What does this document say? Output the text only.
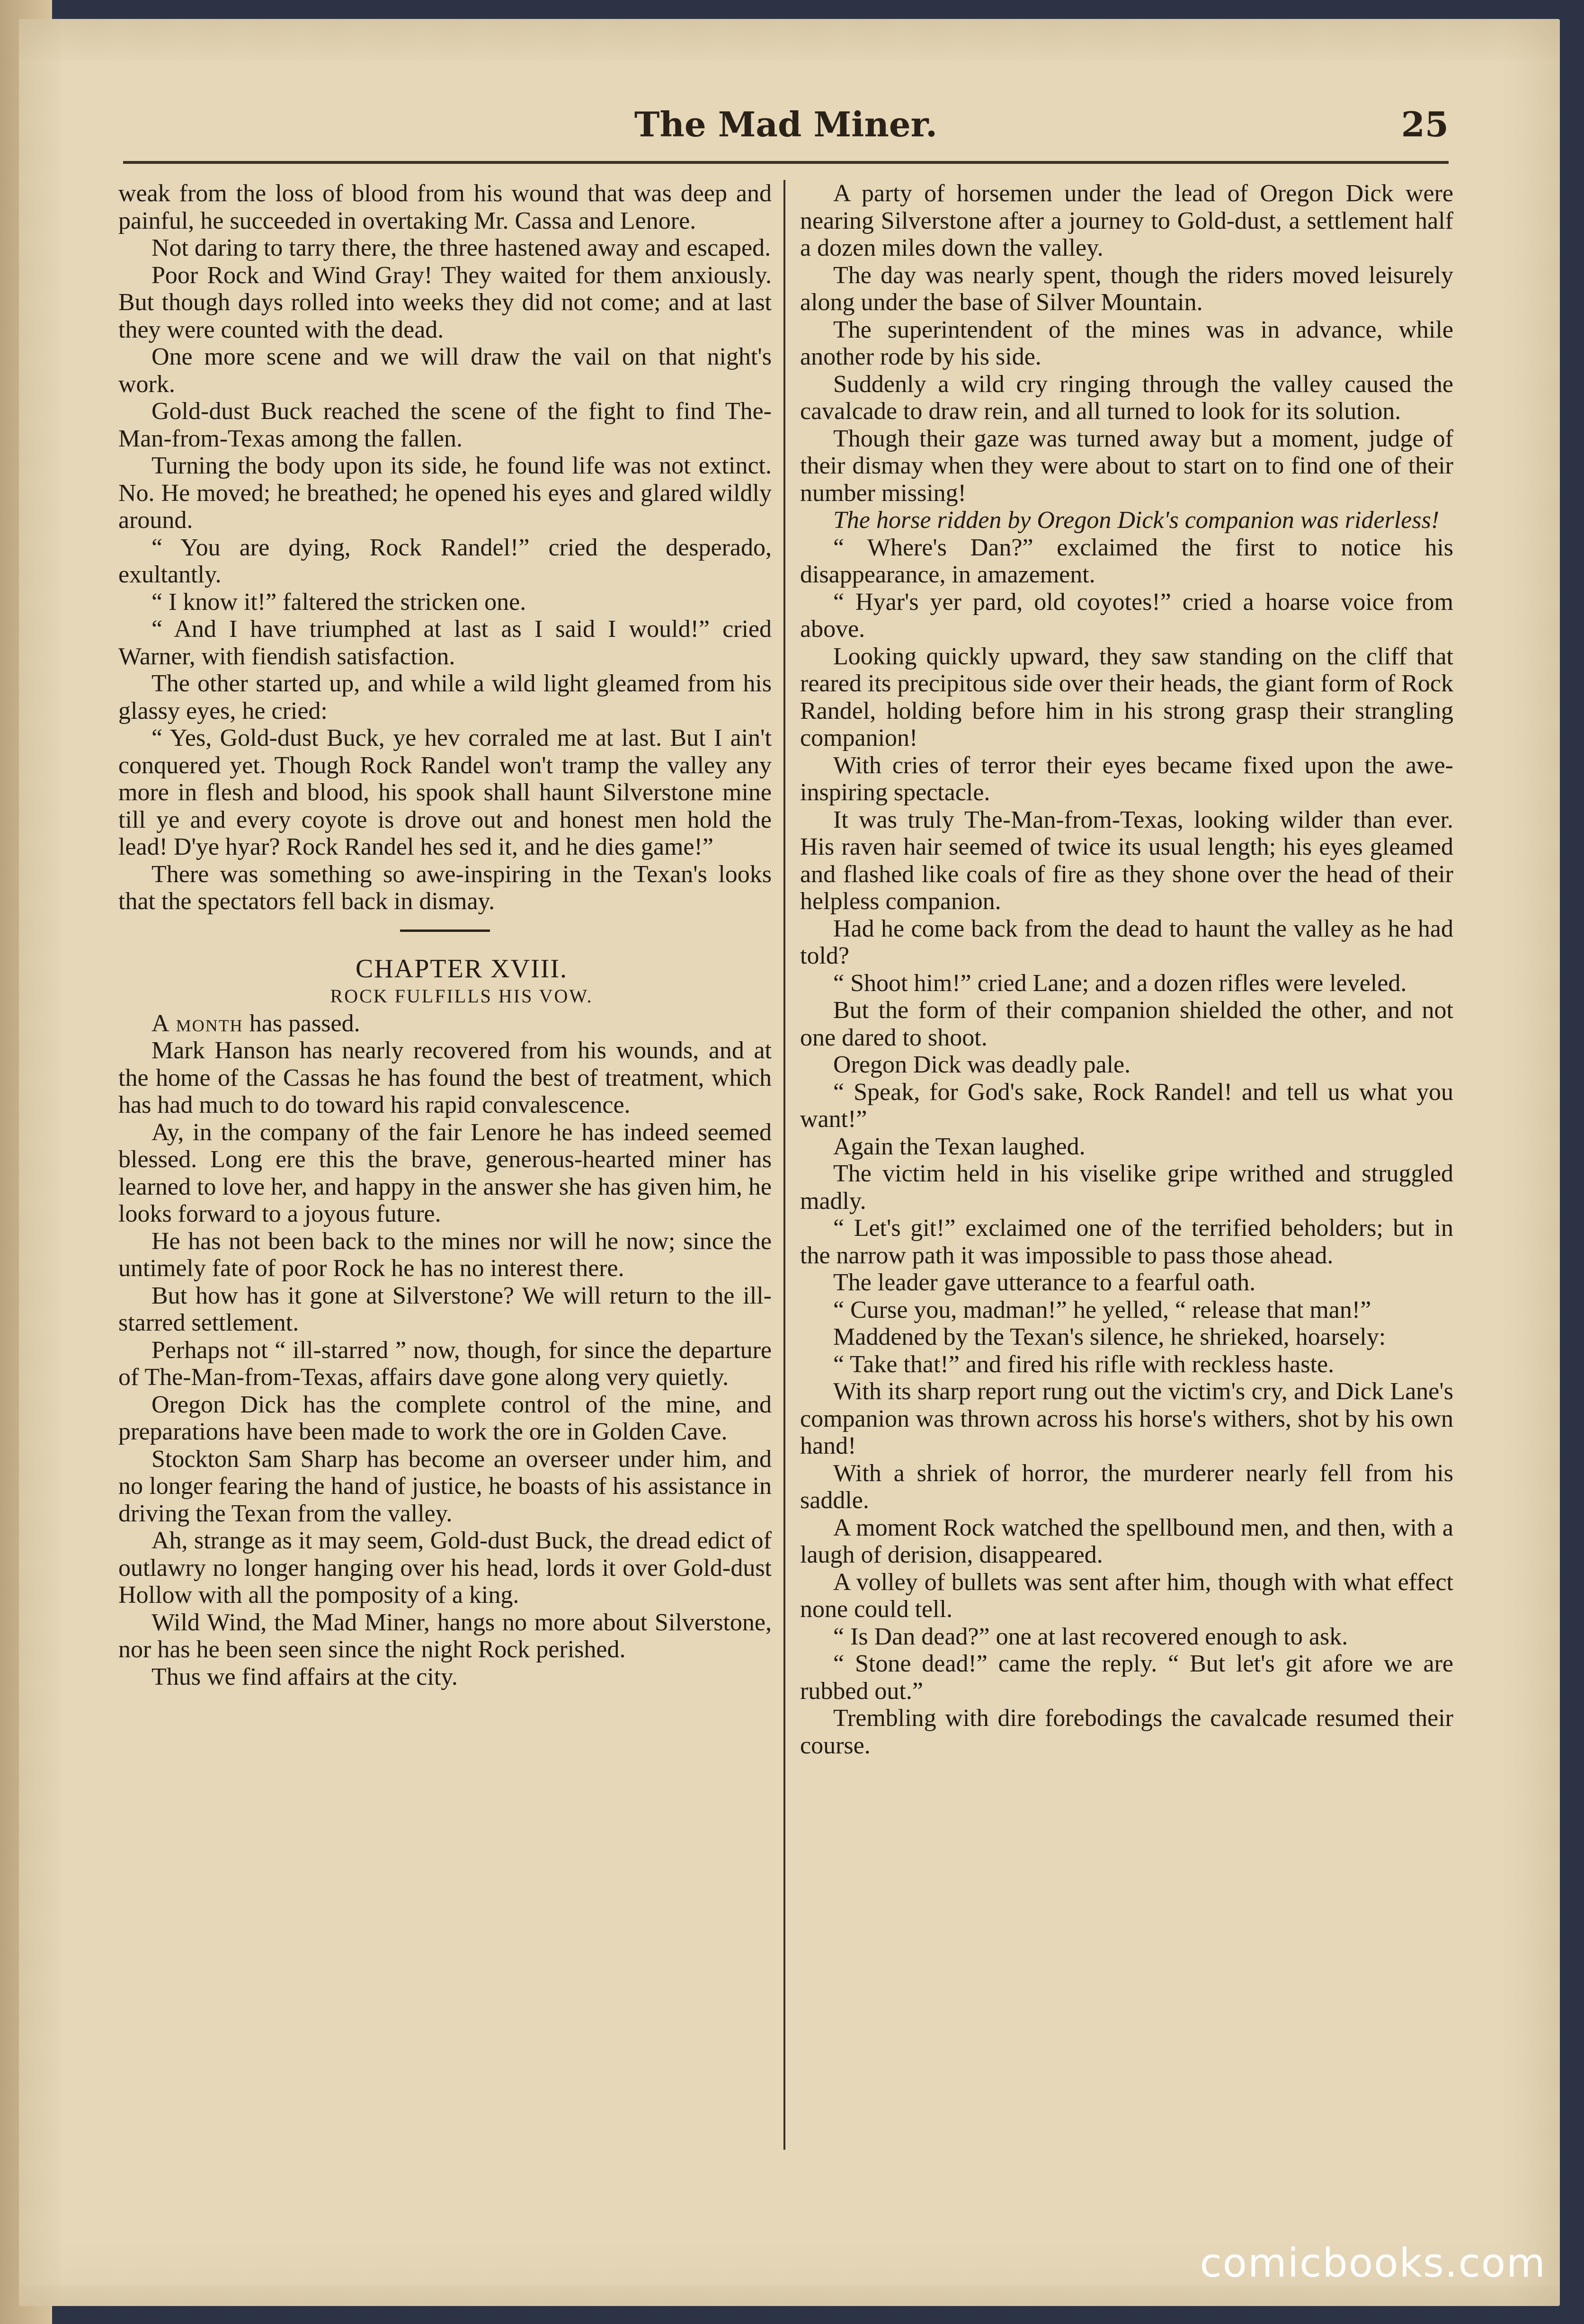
The Mad Miner.	25

weak from the loss of blood from his wound that was deep and painful, he succeeded in overtaking Mr. Cassa and Lenore.

Not daring to tarry there, the three hastened away and escaped.

Poor Rock and Wind Gray! They waited for them anxiously. But though days rolled into weeks they did not come; and at last they were counted with the dead.

One more scene and we will draw the vail on that night's work.

Gold-dust Buck reached the scene of the fight to find The-Man-from-Texas among the fallen.

Turning the body upon its side, he found life was not extinct. No. He moved; he breathed; he opened his eyes and glared wildly around.

“ You are dying, Rock Randel!” cried the desperado, exultantly.

“ I know it!” faltered the stricken one.

“ And I have triumphed at last as I said I would!” cried Warner, with fiendish satisfaction.

The other started up, and while a wild light gleamed from his glassy eyes, he cried:

“ Yes, Gold-dust Buck, ye hev corraled me at last. But I ain't conquered yet. Though Rock Randel won't tramp the valley any more in flesh and blood, his spook shall haunt Silverstone mine till ye and every coyote is drove out and honest men hold the lead! D'ye hyar? Rock Randel hes sed it, and he dies game!”

There was something so awe-inspiring in the Texan's looks that the spectators fell back in dismay.

CHAPTER XVIII.

ROCK FULFILLS HIS VOW.

A month has passed.

Mark Hanson has nearly recovered from his wounds, and at the home of the Cassas he has found the best of treatment, which has had much to do toward his rapid convalescence.

Ay, in the company of the fair Lenore he has indeed seemed blessed. Long ere this the brave, generous-hearted miner has learned to love her, and happy in the answer she has given him, he looks forward to a joyous future.

He has not been back to the mines nor will he now; since the untimely fate of poor Rock he has no interest there.

But how has it gone at Silverstone? We will return to the ill-starred settlement.

Perhaps not “ ill-starred ” now, though, for since the departure of The-Man-from-Texas, affairs dave gone along very quietly.

Oregon Dick has the complete control of the mine, and preparations have been made to work the ore in Golden Cave.

Stockton Sam Sharp has become an overseer under him, and no longer fearing the hand of justice, he boasts of his assistance in driving the Texan from the valley.

Ah, strange as it may seem, Gold-dust Buck, the dread edict of outlawry no longer hanging over his head, lords it over Gold-dust Hollow with all the pomposity of a king.

Wild Wind, the Mad Miner, hangs no more about Silverstone, nor has he been seen since the night Rock perished.

Thus we find affairs at the city.

A party of horsemen under the lead of Oregon Dick were nearing Silverstone after a journey to Gold-dust, a settlement half a dozen miles down the valley.

The day was nearly spent, though the riders moved leisurely along under the base of Silver Mountain.

The superintendent of the mines was in advance, while another rode by his side.

Suddenly a wild cry ringing through the valley caused the cavalcade to draw rein, and all turned to look for its solution.

Though their gaze was turned away but a moment, judge of their dismay when they were about to start on to find one of their number missing!

The horse ridden by Oregon Dick's companion was riderless!

“ Where's Dan?” exclaimed the first to notice his disappearance, in amazement.

“ Hyar's yer pard, old coyotes!” cried a hoarse voice from above.

Looking quickly upward, they saw standing on the cliff that reared its precipitous side over their heads, the giant form of Rock Randel, holding before him in his strong grasp their strangling companion!

With cries of terror their eyes became fixed upon the awe-inspiring spectacle.

It was truly The-Man-from-Texas, looking wilder than ever. His raven hair seemed of twice its usual length; his eyes gleamed and flashed like coals of fire as they shone over the head of their helpless companion.

Had he come back from the dead to haunt the valley as he had told?

“ Shoot him!” cried Lane; and a dozen rifles were leveled.

But the form of their companion shielded the other, and not one dared to shoot.

Oregon Dick was deadly pale.

“ Speak, for God's sake, Rock Randel! and tell us what you want!”

Again the Texan laughed.

The victim held in his viselike gripe writhed and struggled madly.

“ Let's git!” exclaimed one of the terrified beholders; but in the narrow path it was impossible to pass those ahead.

The leader gave utterance to a fearful oath.

“ Curse you, madman!” he yelled, “ release that man!”

Maddened by the Texan's silence, he shrieked, hoarsely:

“ Take that!” and fired his rifle with reckless haste.

With its sharp report rung out the victim's cry, and Dick Lane's companion was thrown across his horse's withers, shot by his own hand!

With a shriek of horror, the murderer nearly fell from his saddle.

A moment Rock watched the spellbound men, and then, with a laugh of derision, disappeared.

A volley of bullets was sent after him, though with what effect none could tell.

“ Is Dan dead?” one at last recovered enough to ask.

“ Stone dead!” came the reply. “ But let's git afore we are rubbed out.”

Trembling with dire forebodings the cavalcade resumed their course.

comicbooks.com
